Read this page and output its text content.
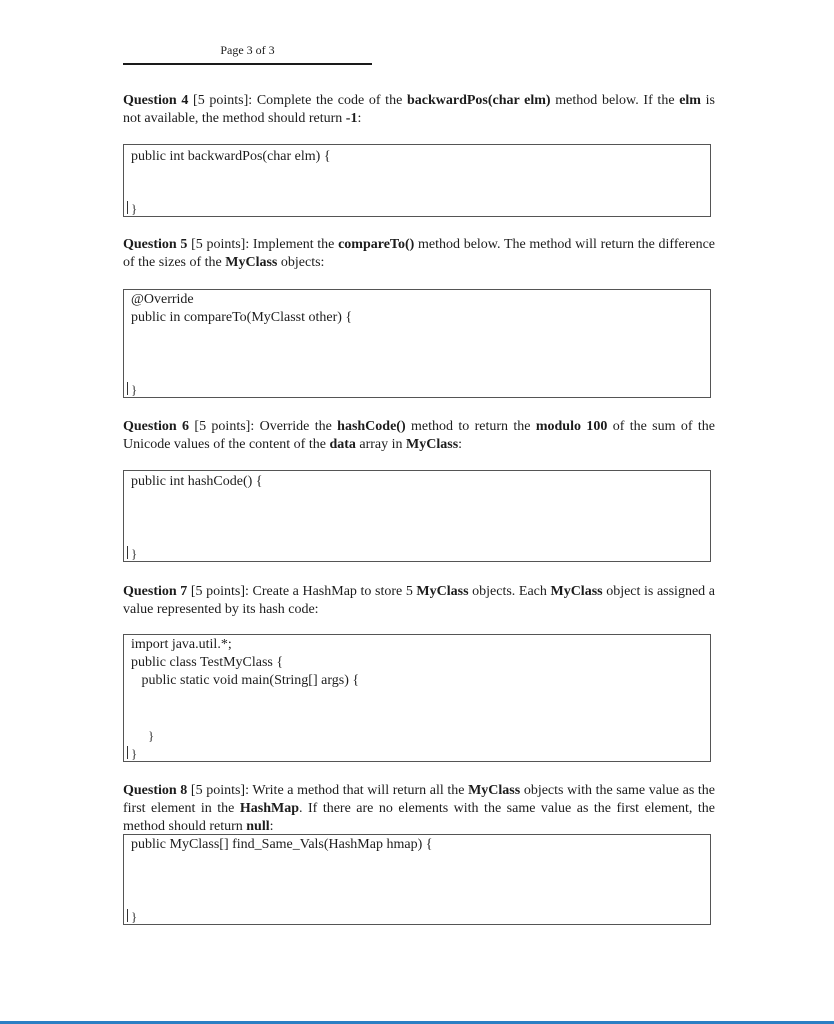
Page 3 of 3
Question 4 [5 points]: Complete the code of the backwardPos(char elm) method below. If the elm is not available, the method should return -1:
public int backwardPos(char elm) {
}
Question 5 [5 points]: Implement the compareTo() method below. The method will return the difference of the sizes of the MyClass objects:
@Override
public in compareTo(MyClasst other) {
}
Question 6 [5 points]: Override the hashCode() method to return the modulo 100 of the sum of the Unicode values of the content of the data array in MyClass:
public int hashCode() {
}
Question 7 [5 points]: Create a HashMap to store 5 MyClass objects. Each MyClass object is assigned a value represented by its hash code:
import java.util.*;
public class TestMyClass {
public static void main(String[] args) {
}
}
Question 8 [5 points]: Write a method that will return all the MyClass objects with the same value as the first element in the HashMap. If there are no elements with the same value as the first element, the method should return null:
public MyClass[] find_Same_Vals(HashMap hmap) {
}
